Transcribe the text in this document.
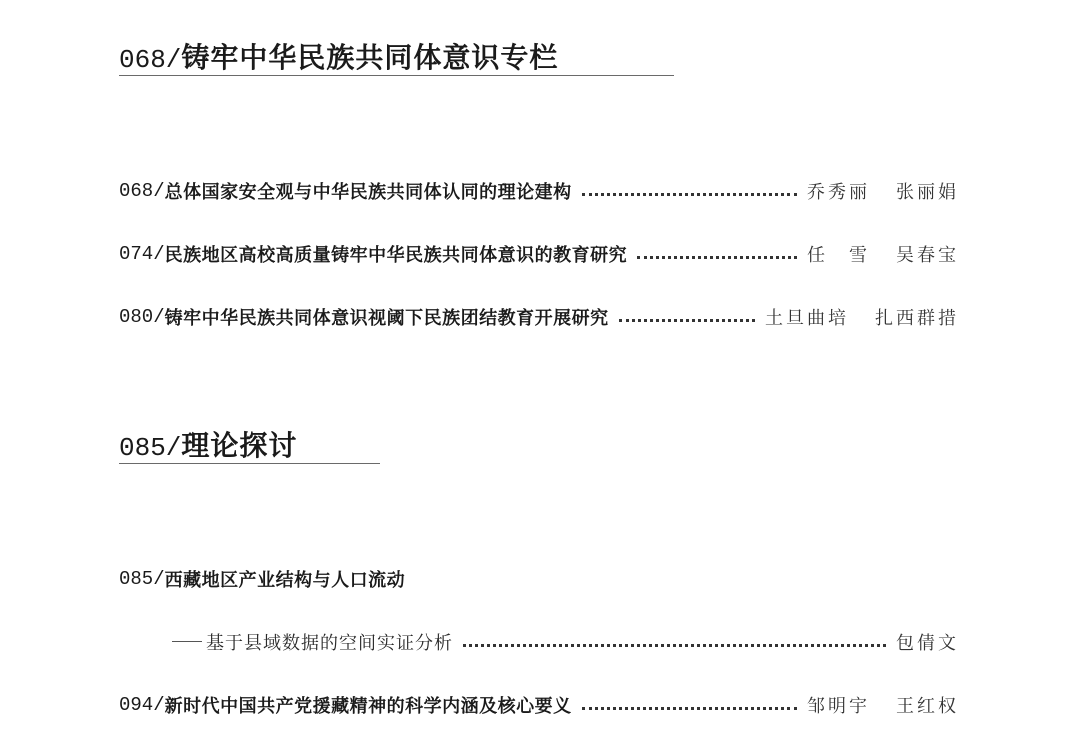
068/铸牢中华民族共同体意识专栏
068/ 总体国家安全观与中华民族共同体认同的理论建构	乔秀丽 张丽娟
074/ 民族地区高校高质量铸牢中华民族共同体意识的教育研究	任　雪 吴春宝
080/ 铸牢中华民族共同体意识视阈下民族团结教育开展研究	土旦曲培 扎西群措
085/理论探讨
085/ 西藏地区产业结构与人口流动
基于县域数据的空间实证分析	包倩文
094/ 新时代中国共产党援藏精神的科学内涵及核心要义	邹明宇 王红权
